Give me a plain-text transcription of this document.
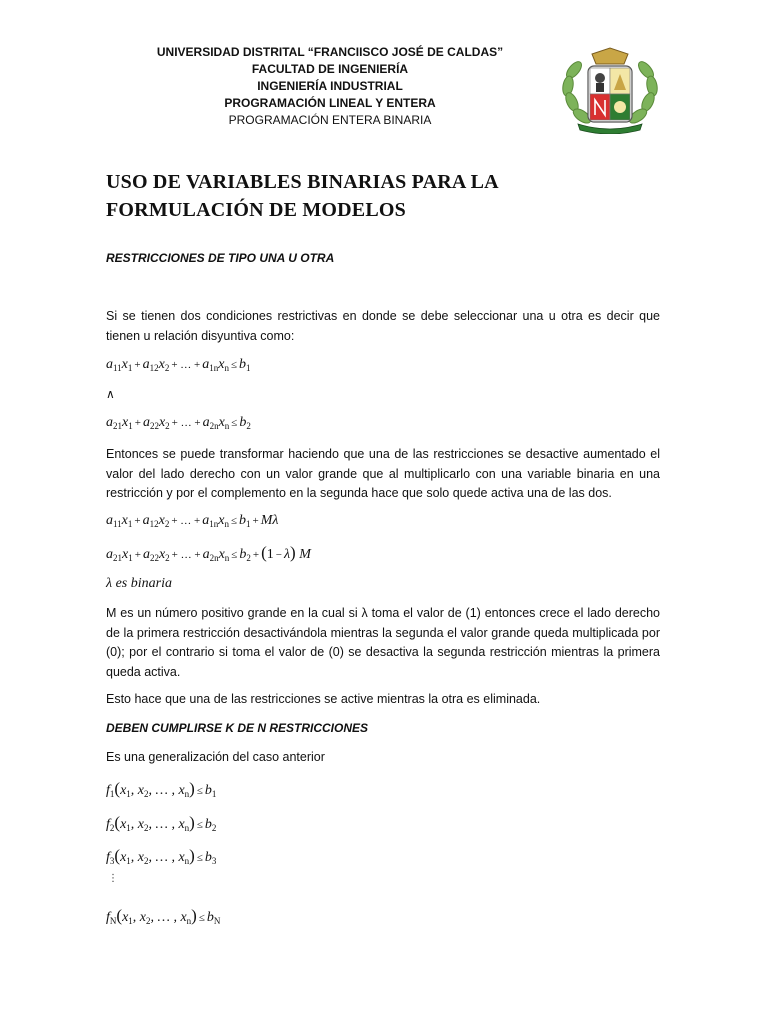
UNIVERSIDAD DISTRITAL “FRANCIISCO JOSÉ DE CALDAS”
FACULTAD DE INGENIERÍA
INGENIERÍA INDUSTRIAL
PROGRAMACIÓN LINEAL Y ENTERA
PROGRAMACIÓN ENTERA BINARIA
USO DE VARIABLES BINARIAS PARA LA
FORMULACIÓN DE MODELOS
RESTRICCIONES DE TIPO UNA U OTRA
Si se tienen dos condiciones restrictivas en donde se debe seleccionar una u otra es decir que tienen u relación disyuntiva como:
$a_{11}x_1 + a_{12}x_2$ + … + $a_{1n}x_n \le b_1$
∧
$a_{21}x_1 + a_{22}x_2$ + … + $a_{2n}x_n \le b_2$
Entonces se puede transformar haciendo que una de las restricciones se desactive aumentado el valor del lado derecho con un valor grande que al multiplicarlo con una variable binaria en una restricción y por el complemento en la segunda hace que solo quede activa una de las dos.
$a_{11}x_1 + a_{12}x_2$ + … + $a_{1n}x_n \le b_1 + M\lambda$
$a_{21}x_1 + a_{22}x_2$ + … + $a_{2n}x_n \le b_2 + (1 - \lambda)$ M
λ es binaria
M es un número positivo grande en la cual si λ toma el valor de (1) entonces crece el lado derecho de la primera restricción desactivándola mientras la segunda el valor grande queda multiplicada por (0); por el contrario si toma el valor de (0) se desactiva la segunda restricción mientras la primera queda activa.
Esto hace que una de las restricciones se active mientras la otra es eliminada.
DEBEN CUMPLIRSE K DE N RESTRICCIONES
Es una generalización del caso anterior
$f_1(x_1$, $x_2$, … , $x_n) \le b_1$
$f_2(x_1$, $x_2$, … , $x_n) \le b_2$
$f_3(x_1$, $x_2$, … , $x_n) \le b_3$
⋮
$f_N(x_1$, $x_2$, … , $x_n) \le b_N$
